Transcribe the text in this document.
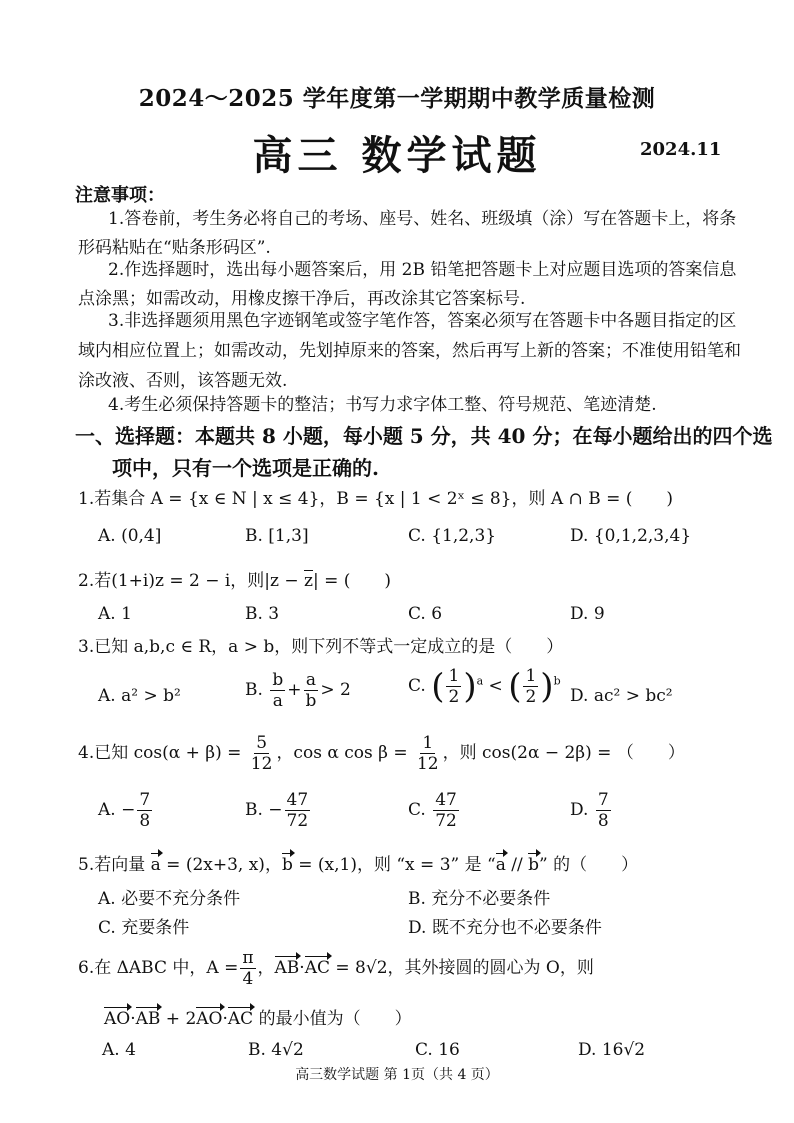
2024～2025 学年度第一学期期中教学质量检测
高三 数学试题	2024.11
注意事项：
1.答卷前，考生务必将自己的考场、座号、姓名、班级填（涂）写在答题卡上，将条
形码粘贴在“贴条形码区”.
2.作选择题时，选出每小题答案后，用 2B 铅笔把答题卡上对应题目选项的答案信息
点涂黑；如需改动，用橡皮擦干净后，再改涂其它答案标号.
3.非选择题须用黑色字迹钢笔或签字笔作答，答案必须写在答题卡中各题目指定的区
域内相应位置上；如需改动，先划掉原来的答案，然后再写上新的答案；不准使用铅笔和
涂改液、否则，该答题无效.
4.考生必须保持答题卡的整洁；书写力求字体工整、符号规范、笔迹清楚.
一、选择题：本题共 8 小题，每小题 5 分，共 40 分；在每小题给出的四个选
项中，只有一个选项是正确的.
1.若集合 A = {x ∈ N | x ≤ 4}，B = {x | 1 < 2ˣ ≤ 8}，则 A ∩ B = (　　)
A. (0,4]	B. [1,3]	C. {1,2,3}	D. {0,1,2,3,4}
2.若(1+i)z = 2 − i，则|z − z| = (　　)
A. 1	B. 3	C. 6	D. 9
3.已知 a,b,c ∈ R，a > b，则下列不等式一定成立的是（　　）
A. a² > b²	B. $\frac{b}{a} + \frac{a}{b} > 2$	C. ( $\frac{1}{2} )^a$ < ( $\frac{1}{2} )^b$
D. ac² > bc²
4.已知 $\cos(\alpha + \beta) = \frac{5}{12}$ ，cos α $\cos \beta = \frac{1}{12}$ ，则 cos(2α − 2β) = （　　）
A. − $\frac{7}{8}$	B. − $\frac{47}{72}$	C. $\frac{47}{72}$	D. $\frac{7}{8}$
5.若向量 a = (2x+3, x)，b = (x,1)，则 “x = 3” 是 “a // b” 的（　　）
A. 必要不充分条件	B. 充分不必要条件
C. 充要条件	D. 既不充分也不必要条件
6.在 ΔABC 中，$A = \frac{\pi}{4}$ ，AB·AC = 8√2，其外接圆的圆心为 O，则
AO·AB + 2AO·AC 的最小值为（　　）
A. 4	B. 4√2	C. 16	D. 16√2
高三数学试题 第 1页（共 4 页）
